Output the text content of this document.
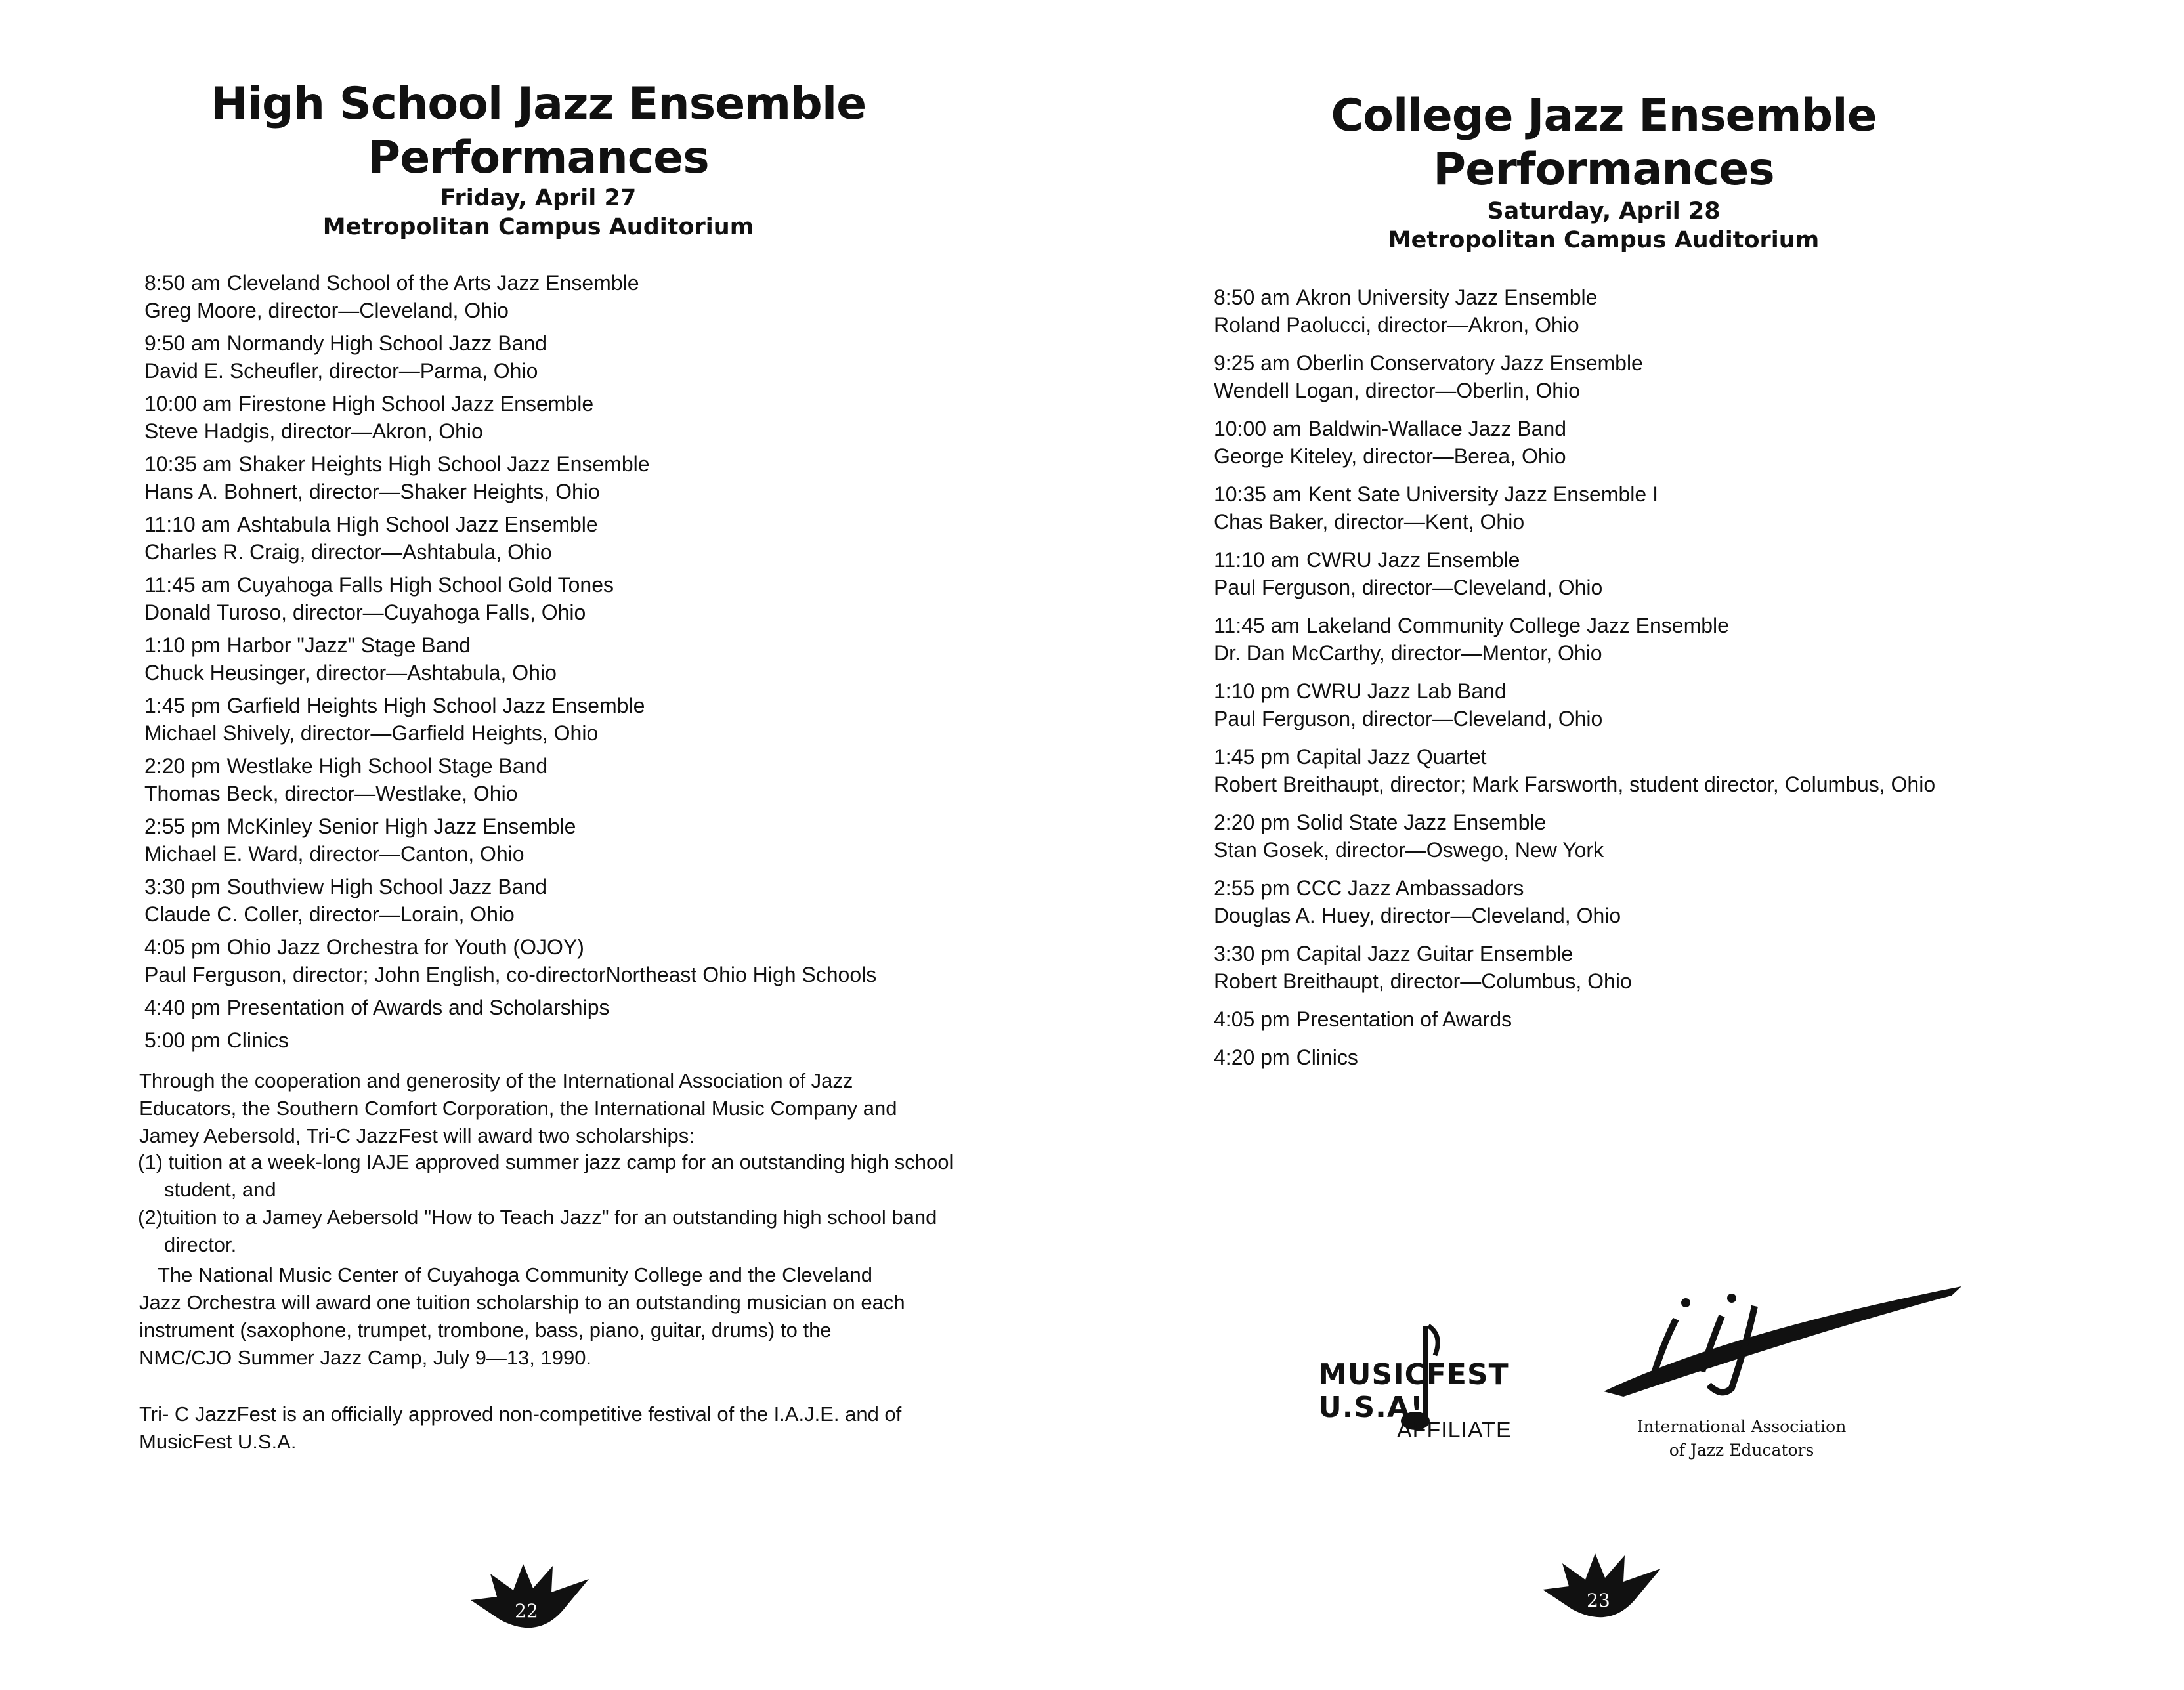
High School Jazz Ensemble
Performances
Friday, April 27
Metropolitan Campus Auditorium
8:50 am Cleveland School of the Arts Jazz Ensemble
Greg Moore, director—Cleveland, Ohio
9:50 am Normandy High School Jazz Band
David E. Scheufler, director—Parma, Ohio
10:00 am Firestone High School Jazz Ensemble
Steve Hadgis, director—Akron, Ohio
10:35 am Shaker Heights High School Jazz Ensemble
Hans A. Bohnert, director—Shaker Heights, Ohio
11:10 am Ashtabula High School Jazz Ensemble
Charles R. Craig, director—Ashtabula, Ohio
11:45 am Cuyahoga Falls High School Gold Tones
Donald Turoso, director—Cuyahoga Falls, Ohio
1:10 pm Harbor "Jazz" Stage Band
Chuck Heusinger, director—Ashtabula, Ohio
1:45 pm Garfield Heights High School Jazz Ensemble
Michael Shively, director—Garfield Heights, Ohio
2:20 pm Westlake High School Stage Band
Thomas Beck, director—Westlake, Ohio
2:55 pm McKinley Senior High Jazz Ensemble
Michael E. Ward, director—Canton, Ohio
3:30 pm Southview High School Jazz Band
Claude C. Coller, director—Lorain, Ohio
4:05 pm Ohio Jazz Orchestra for Youth (OJOY)
Paul Ferguson, director; John English, co-directorNortheast Ohio High Schools
4:40 pm Presentation of Awards and Scholarships
5:00 pm Clinics

Through the cooperation and generosity of the International Association of Jazz Educators, the Southern Comfort Corporation, the International Music Company and Jamey Aebersold, Tri-C JazzFest will award two scholarships:

(1) tuition at a week-long IAJE approved summer jazz camp for an outstanding high school student, and

(2)tuition to a Jamey Aebersold "How to Teach Jazz" for an outstanding high school band director.

The National Music Center of Cuyahoga Community College and the Cleveland Jazz Orchestra will award one tuition scholarship to an outstanding musician on each instrument (saxophone, trumpet, trombone, bass, piano, guitar, drums) to the NMC/CJO Summer Jazz Camp, July 9—13, 1990.

Tri- C JazzFest is an officially approved non-competitive festival of the I.A.J.E. and of MusicFest U.S.A.

22
College Jazz Ensemble
Performances
Saturday, April 28
Metropolitan Campus Auditorium
8:50 am Akron University Jazz Ensemble
Roland Paolucci, director—Akron, Ohio
9:25 am Oberlin Conservatory Jazz Ensemble
Wendell Logan, director—Oberlin, Ohio
10:00 am Baldwin-Wallace Jazz Band
George Kiteley, director—Berea, Ohio
10:35 am Kent Sate University Jazz Ensemble I
Chas Baker, director—Kent, Ohio
11:10 am CWRU Jazz Ensemble
Paul Ferguson, director—Cleveland, Ohio
11:45 am Lakeland Community College Jazz Ensemble
Dr. Dan McCarthy, director—Mentor, Ohio
1:10 pm CWRU Jazz Lab Band
Paul Ferguson, director—Cleveland, Ohio
1:45 pm Capital Jazz Quartet
Robert Breithaupt, director; Mark Farsworth, student director, Columbus, Ohio
2:20 pm Solid State Jazz Ensemble
Stan Gosek, director—Oswego, New York
2:55 pm CCC Jazz Ambassadors
Douglas A. Huey, director—Cleveland, Ohio
3:30 pm Capital Jazz Guitar Ensemble
Robert Breithaupt, director—Columbus, Ohio
4:05 pm Presentation of Awards
4:20 pm Clinics
MUSICFEST U.S.A!
AFFILIATE	International Association
of Jazz Educators
23
